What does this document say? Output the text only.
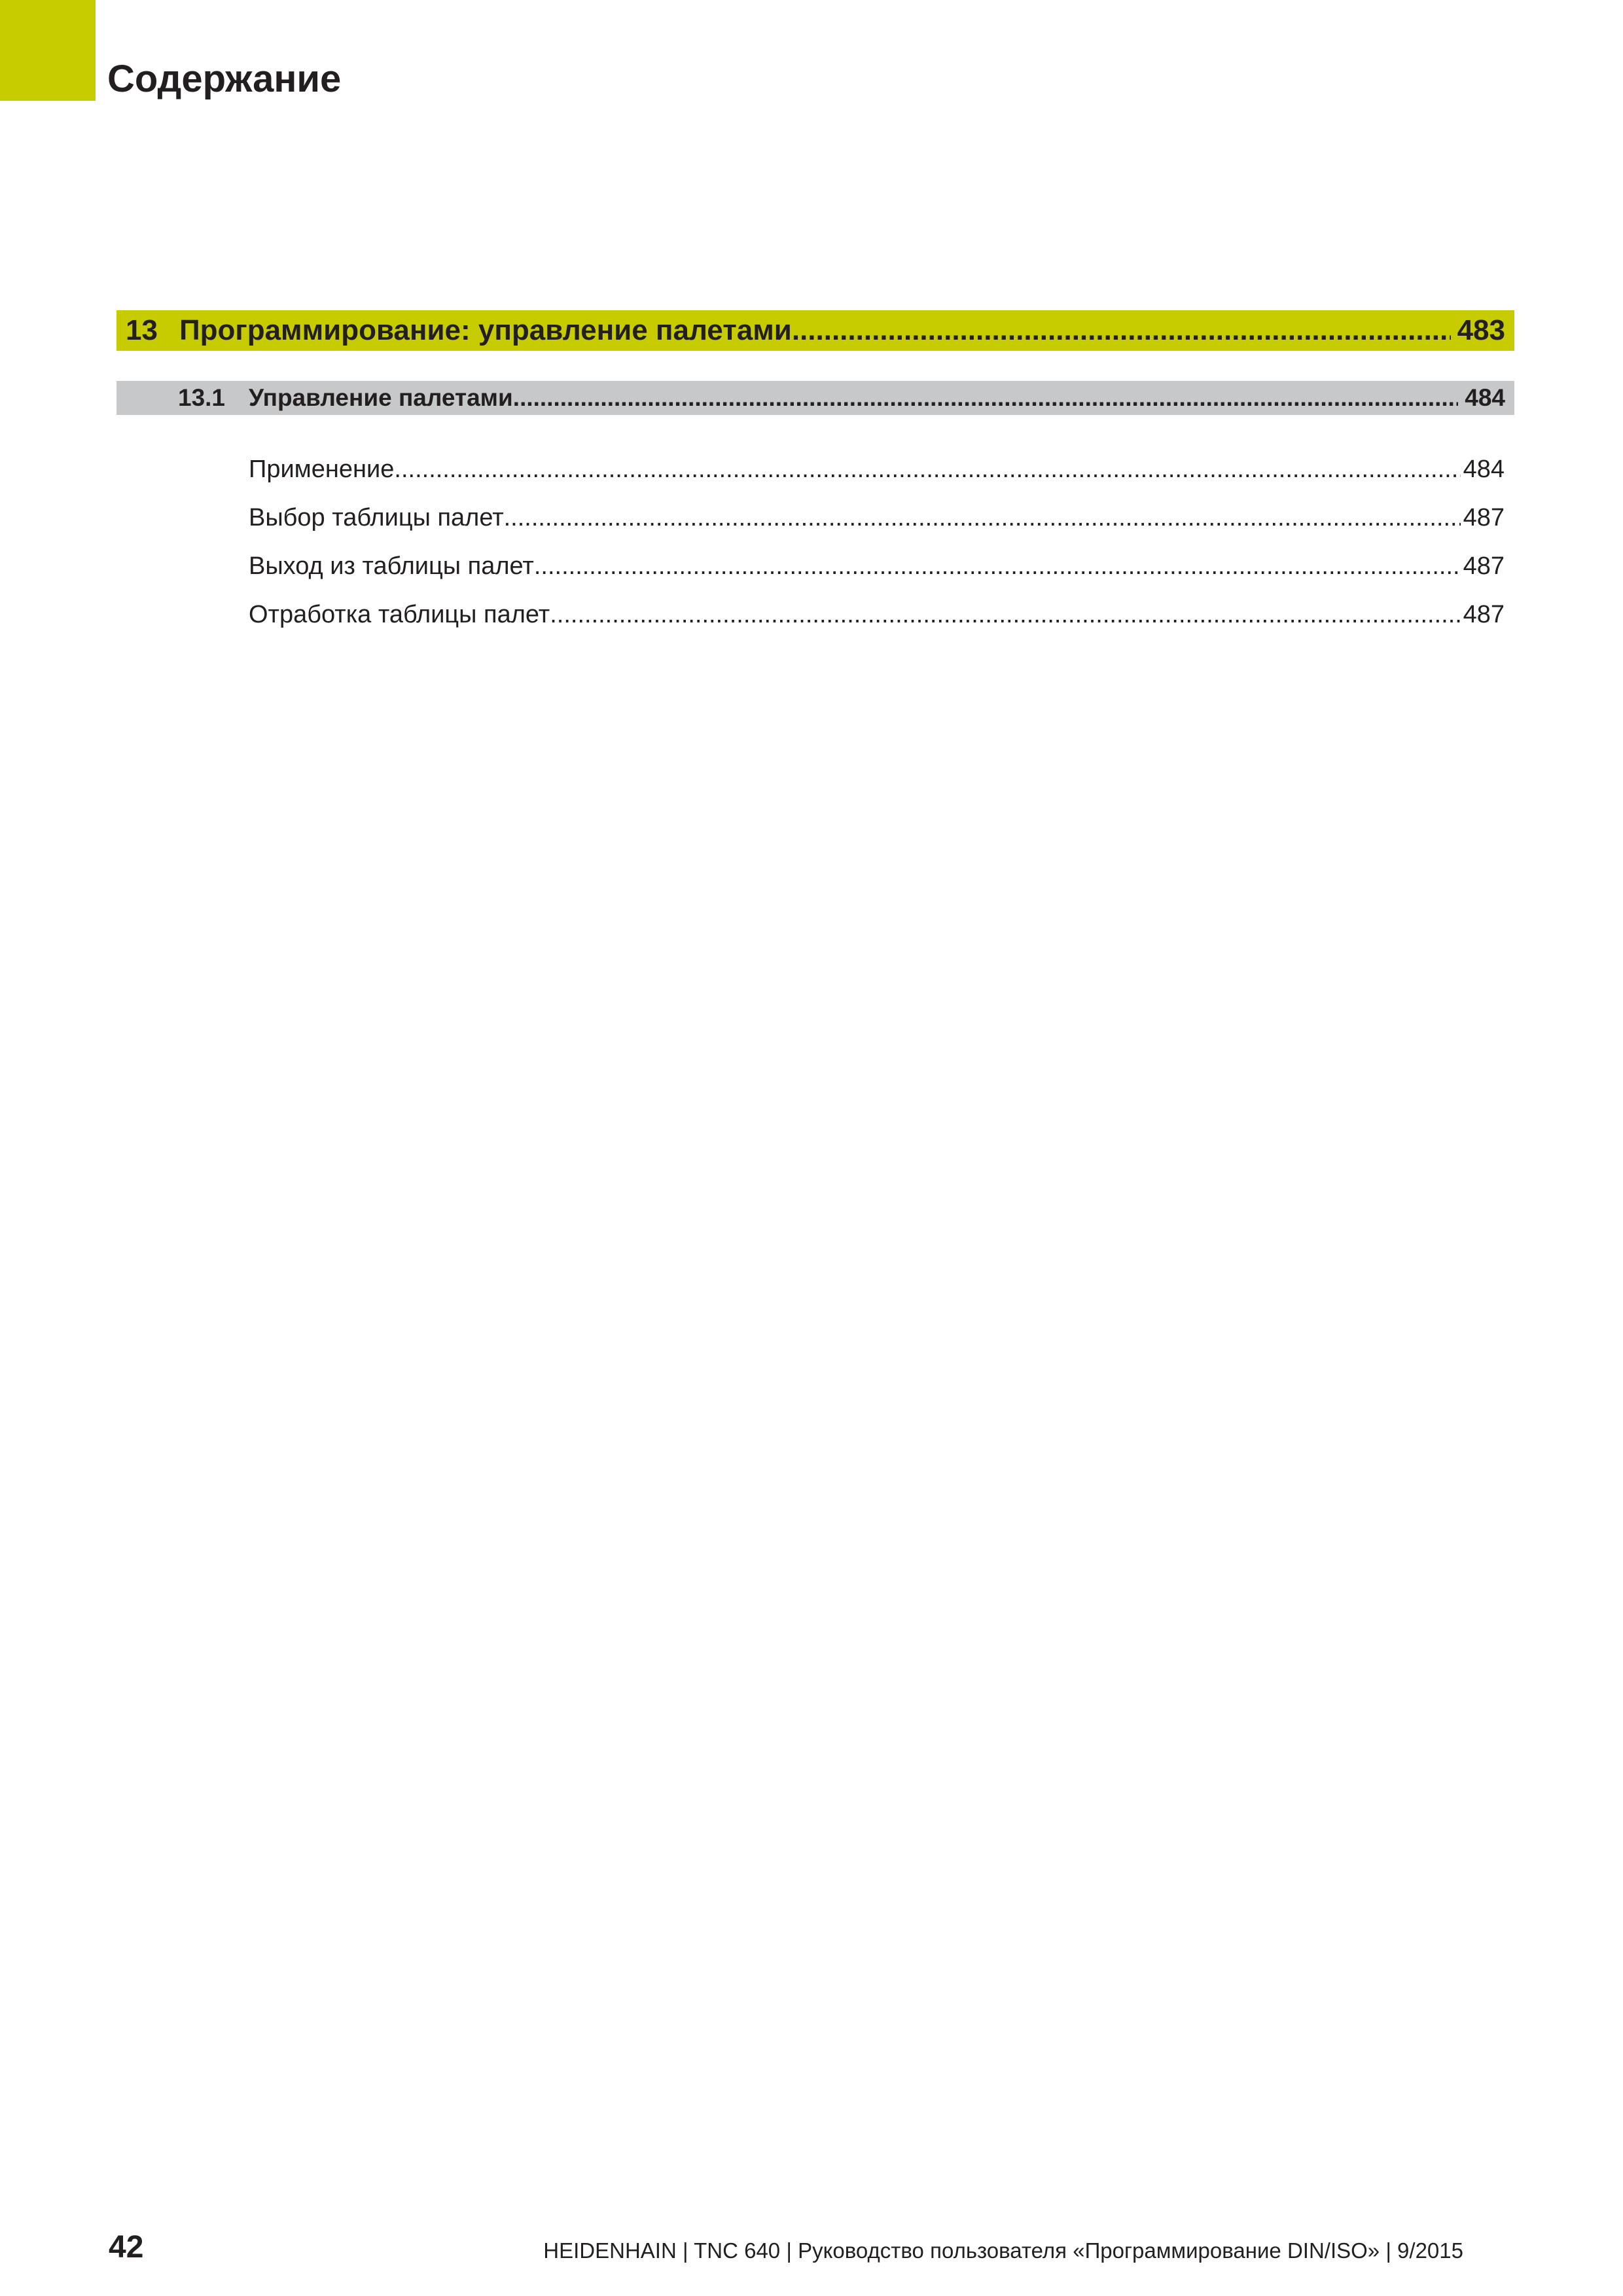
Содержание
13 Программирование: управление палетами .....	483
13.1 Управление палетами .....	484
Применение .....	484
Выбор таблицы палет .....	487
Выход из таблицы палет .....	487
Отработка таблицы палет .....	487
42	HEIDENHAIN | TNC 640 | Руководство пользователя «Программирование DIN/ISO» | 9/2015
